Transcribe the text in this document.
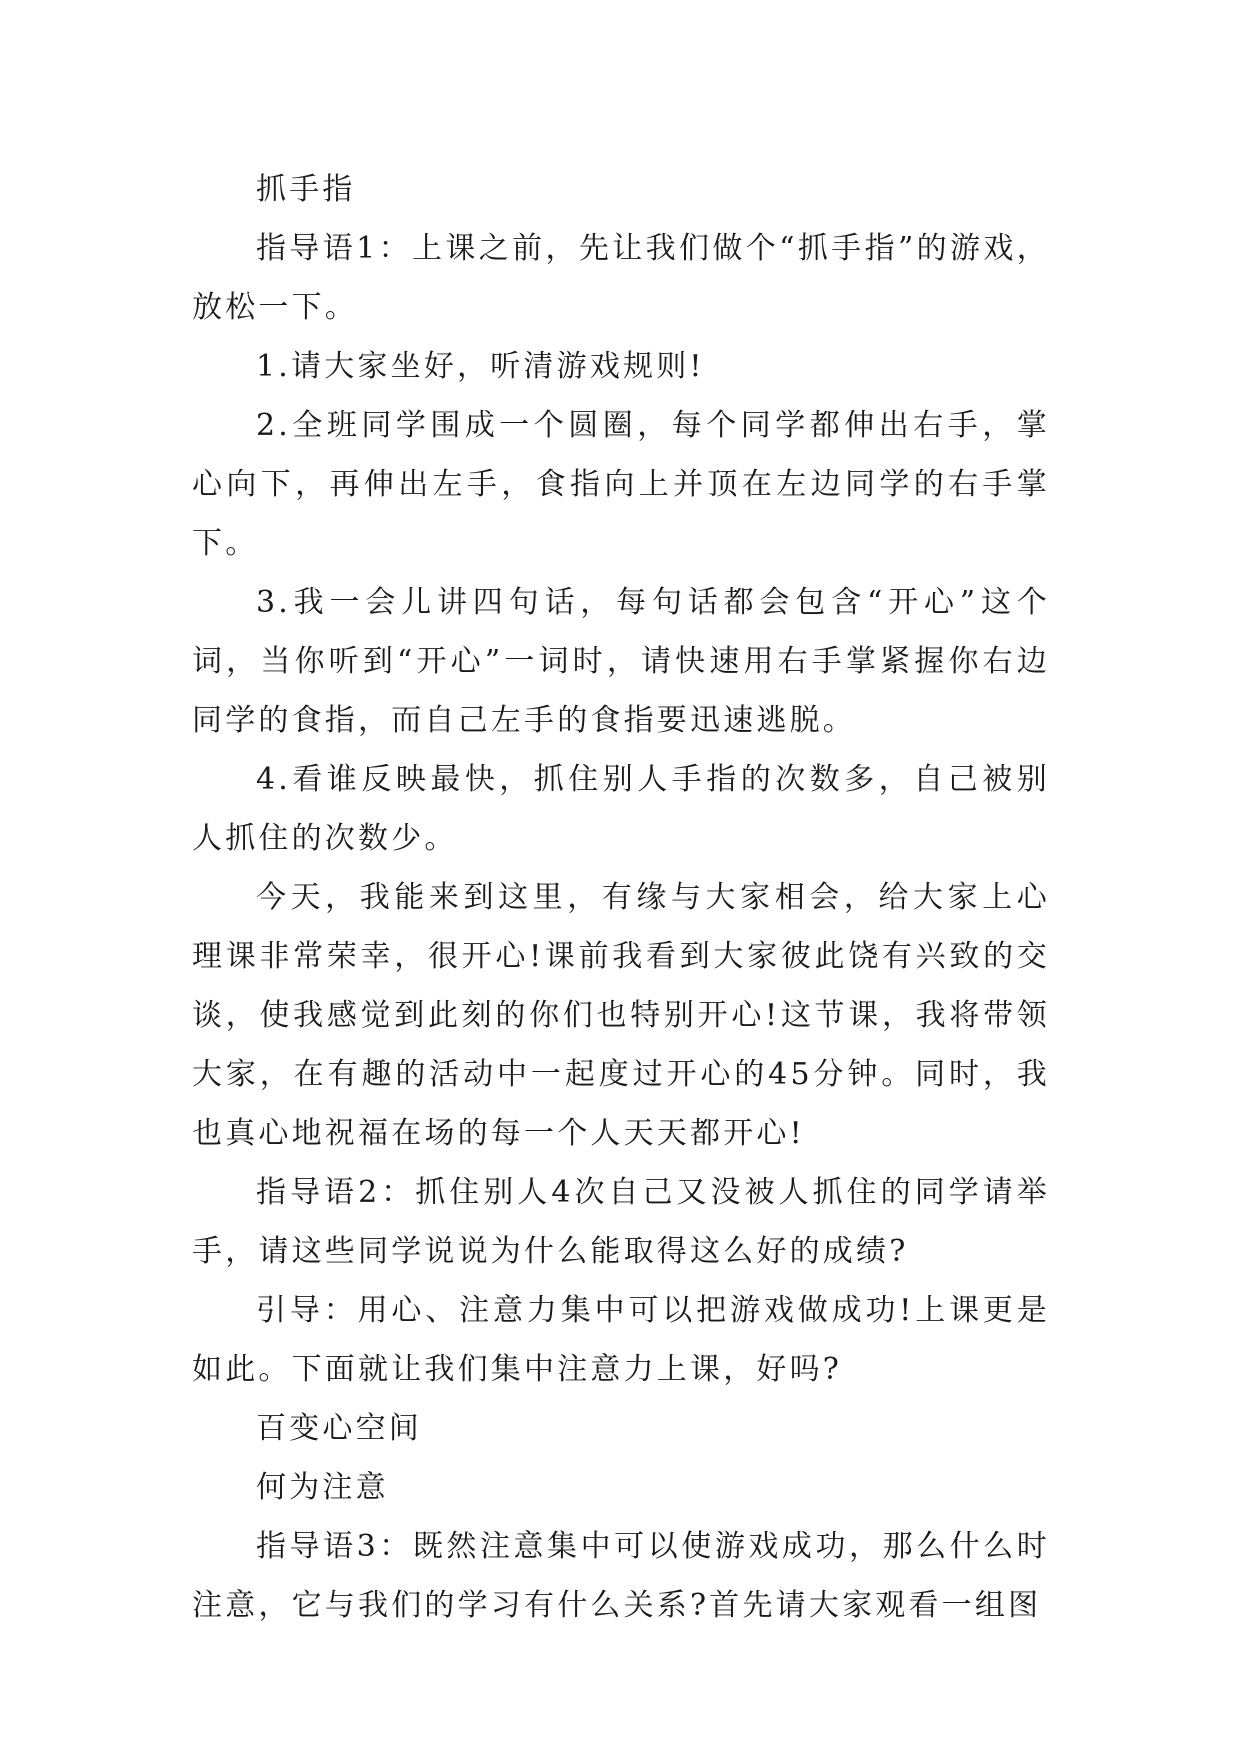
抓手指

指导语1：上课之前，先让我们做个“抓手指”的游戏，放松一下。

1.请大家坐好，听清游戏规则!

2.全班同学围成一个圆圈，每个同学都伸出右手，掌心向下，再伸出左手，食指向上并顶在左边同学的右手掌下。

3.我一会儿讲四句话，每句话都会包含“开心”这个词，当你听到“开心”一词时，请快速用右手掌紧握你右边同学的食指，而自己左手的食指要迅速逃脱。

4.看谁反映最快，抓住别人手指的次数多，自己被别人抓住的次数少。

今天，我能来到这里，有缘与大家相会，给大家上心理课非常荣幸，很开心!课前我看到大家彼此饶有兴致的交谈，使我感觉到此刻的你们也特别开心!这节课，我将带领大家，在有趣的活动中一起度过开心的45分钟。同时，我也真心地祝福在场的每一个人天天都开心!

指导语2：抓住别人4次自己又没被人抓住的同学请举手，请这些同学说说为什么能取得这么好的成绩?

引导：用心、注意力集中可以把游戏做成功!上课更是如此。下面就让我们集中注意力上课，好吗?

百变心空间

何为注意

指导语3：既然注意集中可以使游戏成功，那么什么时注意，它与我们的学习有什么关系?首先请大家观看一组图
